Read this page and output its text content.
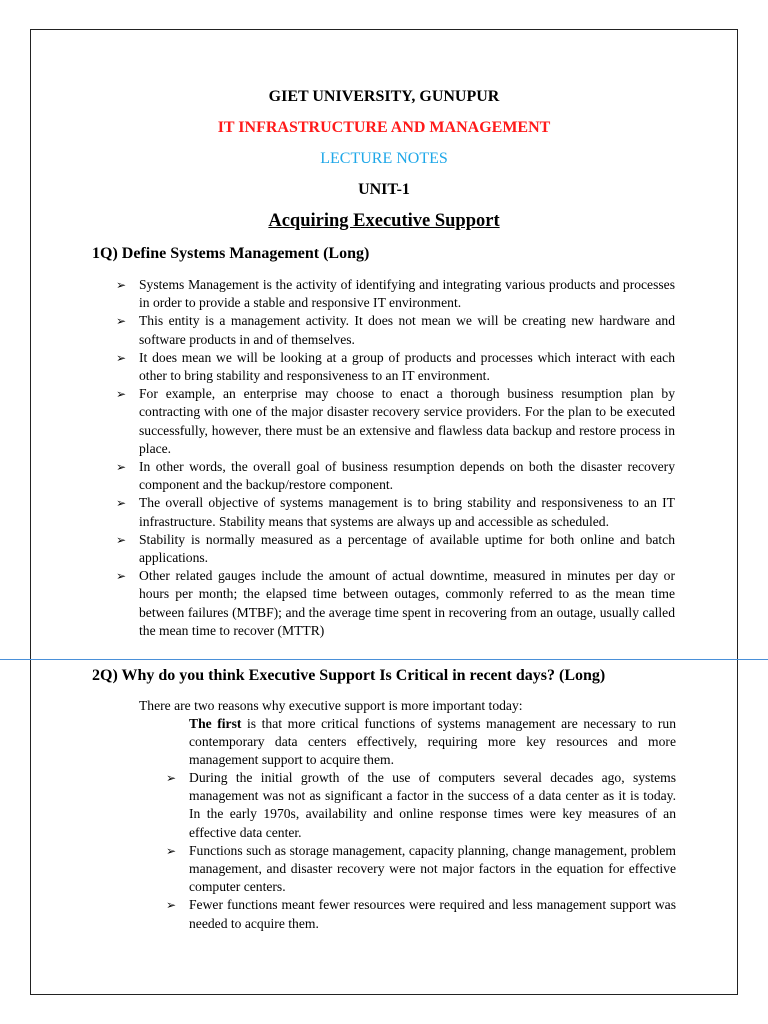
GIET UNIVERSITY, GUNUPUR
IT INFRASTRUCTURE AND MANAGEMENT
LECTURE NOTES
UNIT-1
Acquiring Executive Support
1Q) Define Systems Management (Long)
➢ Systems Management is the activity of identifying and integrating various products and processes in order to provide a stable and responsive IT environment.
➢ This entity is a management activity. It does not mean we will be creating new hardware and software products in and of themselves.
➢ It does mean we will be looking at a group of products and processes which interact with each other to bring stability and responsiveness to an IT environment.
➢ For example, an enterprise may choose to enact a thorough business resumption plan by contracting with one of the major disaster recovery service providers. For the plan to be executed successfully, however, there must be an extensive and flawless data backup and restore process in place.
➢ In other words, the overall goal of business resumption depends on both the disaster recovery component and the backup/restore component.
➢ The overall objective of systems management is to bring stability and responsiveness to an IT infrastructure. Stability means that systems are always up and accessible as scheduled.
➢ Stability is normally measured as a percentage of available uptime for both online and batch applications.
➢ Other related gauges include the amount of actual downtime, measured in minutes per day or hours per month; the elapsed time between outages, commonly referred to as the mean time between failures (MTBF); and the average time spent in recovering from an outage, usually called the mean time to recover (MTTR)
2Q) Why do you think Executive Support Is Critical in recent days? (Long)
There are two reasons why executive support is more important today:
The first is that more critical functions of systems management are necessary to run contemporary data centers effectively, requiring more key resources and more management support to acquire them.
➢ During the initial growth of the use of computers several decades ago, systems management was not as significant a factor in the success of a data center as it is today. In the early 1970s, availability and online response times were key measures of an effective data center.
➢ Functions such as storage management, capacity planning, change management, problem management, and disaster recovery were not major factors in the equation for effective computer centers.
➢ Fewer functions meant fewer resources were required and less management support was needed to acquire them.
